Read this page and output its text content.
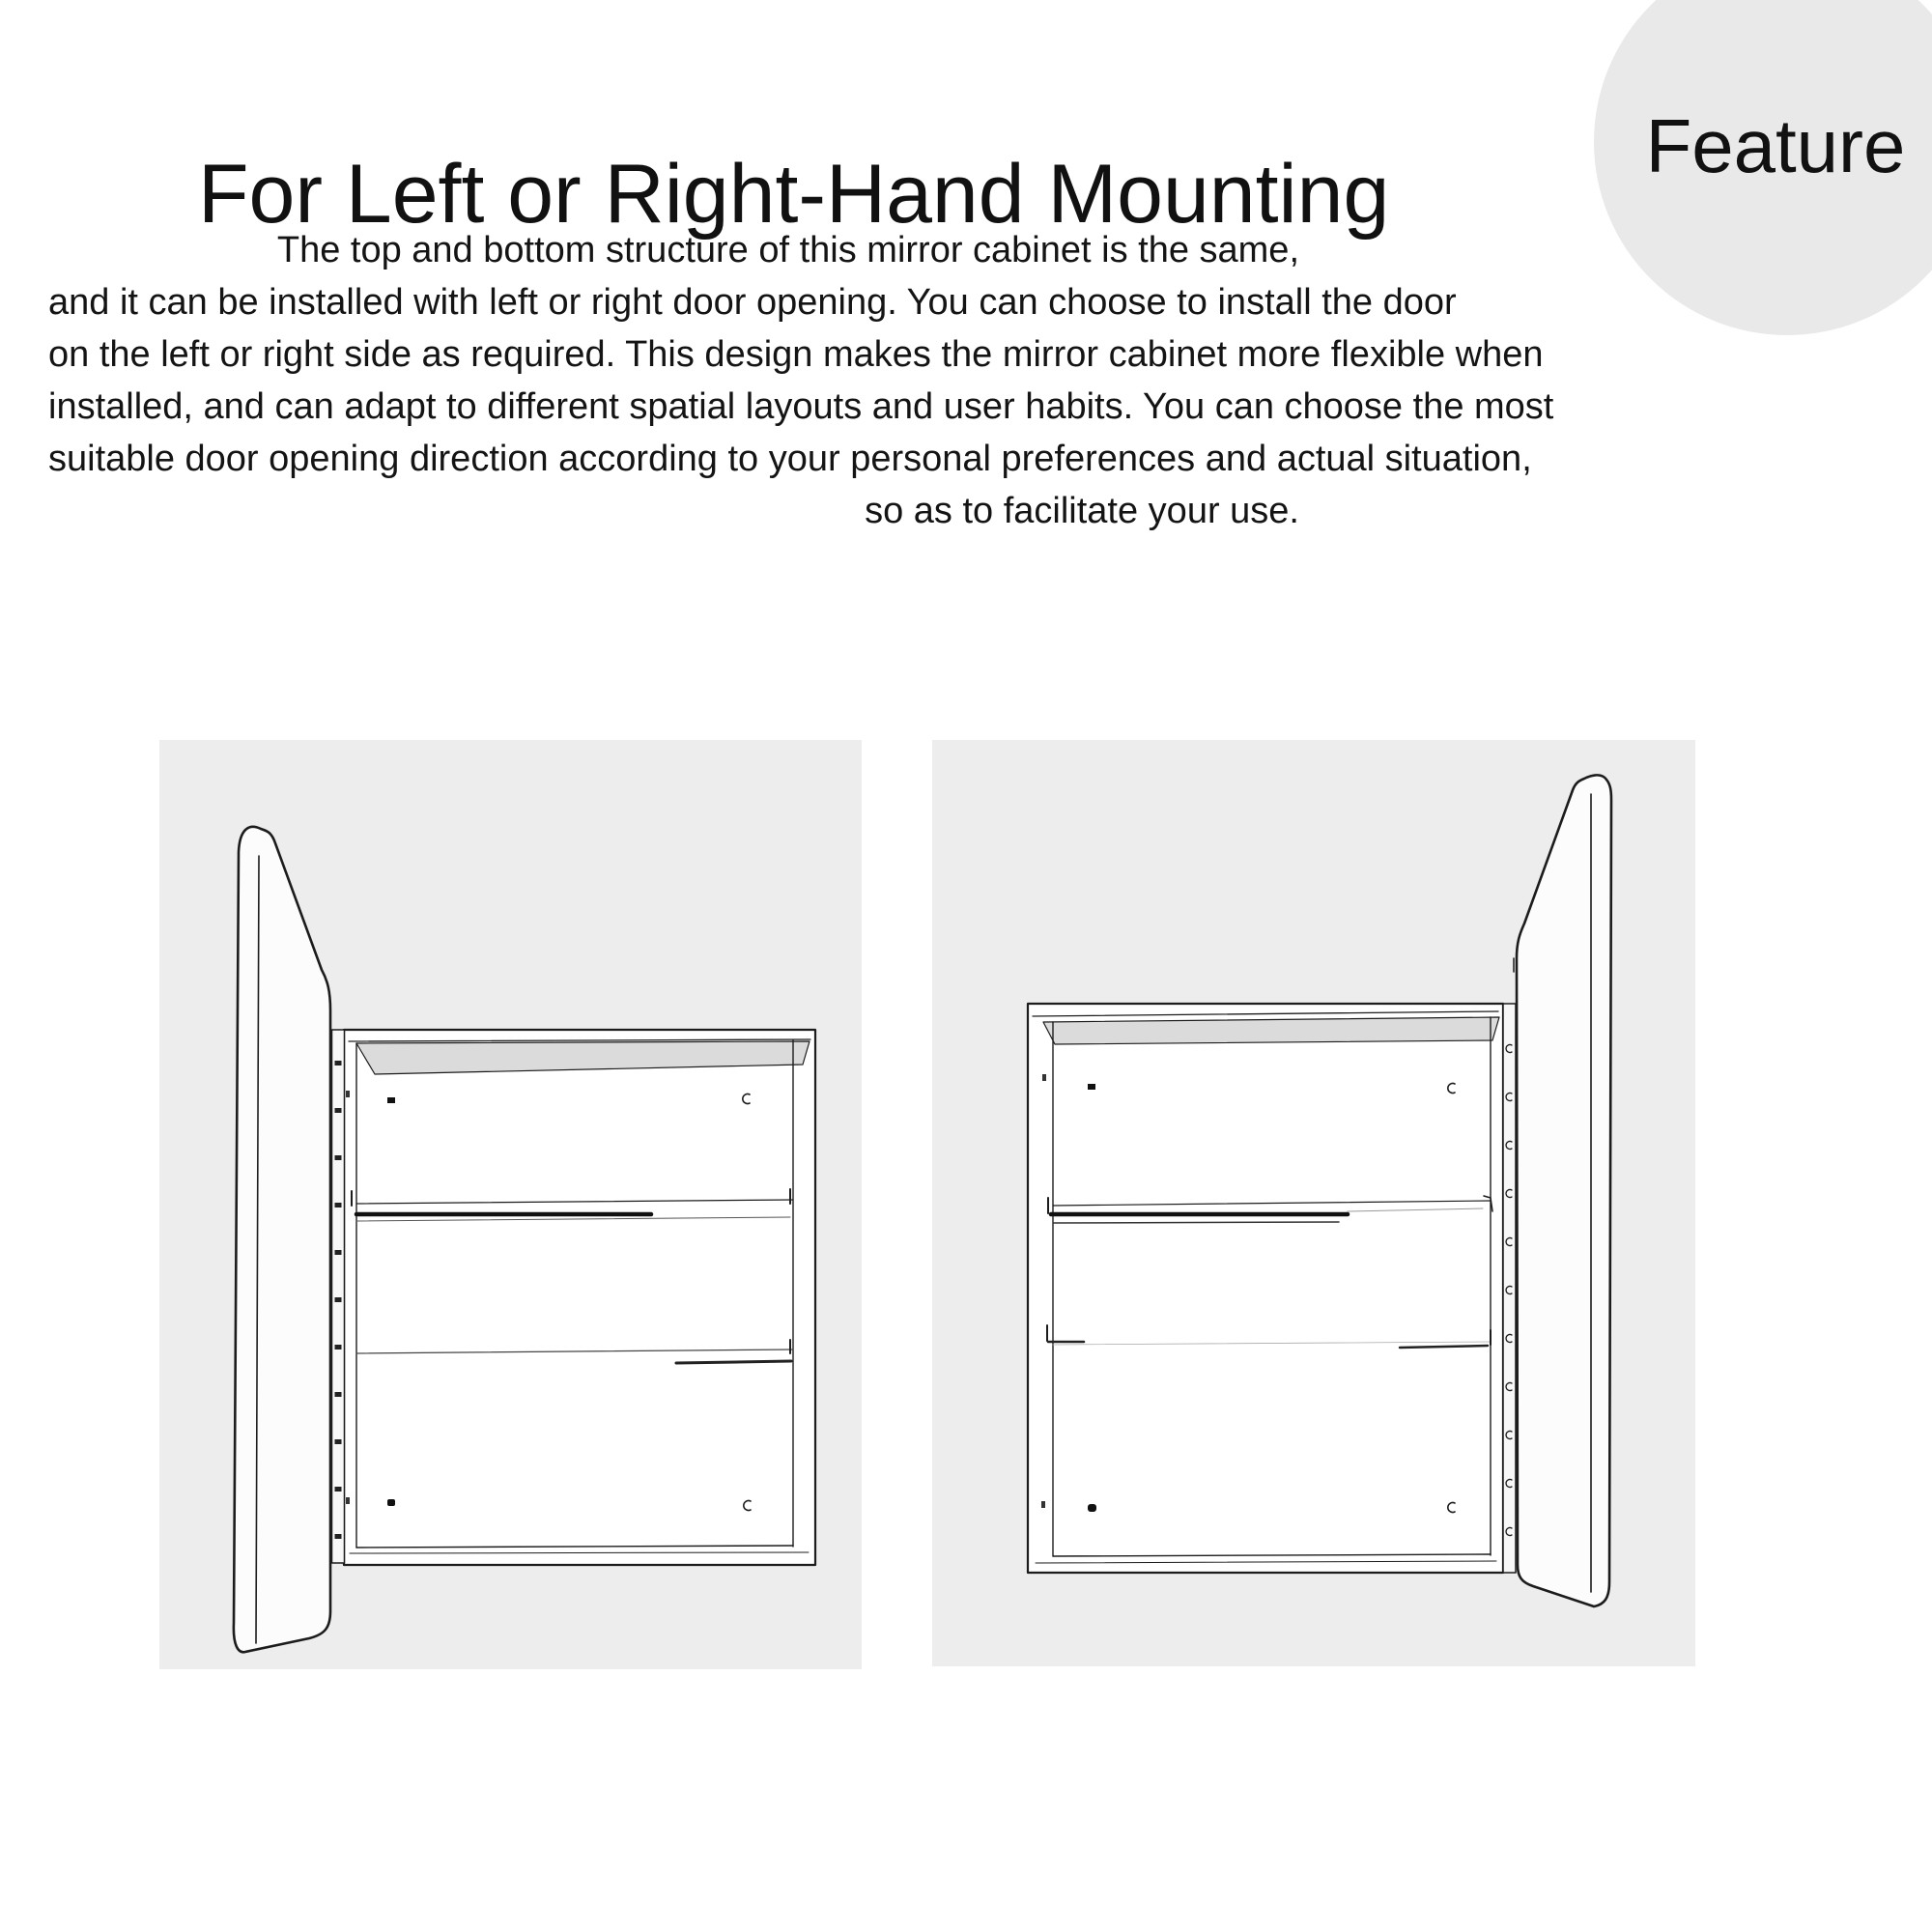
For Left or Right-Hand Mounting
Feature
The top and bottom structure of this mirror cabinet is the same,
and it can be installed with left or right door opening. You can choose to install the door
on the left or right side as required. This design makes the mirror cabinet more flexible when
installed, and can adapt to different spatial layouts and user habits. You can choose the most
suitable door opening direction according to your personal preferences and actual situation,
so as to facilitate your use.
